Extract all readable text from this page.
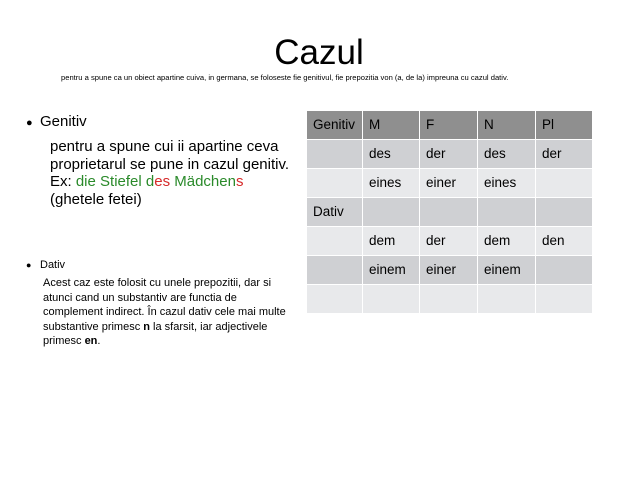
Cazul
pentru a spune ca un obiect apartine cuiva, in germana, se foloseste fie genitivul, fie prepozitia von (a, de la) impreuna cu cazul dativ.
● Genitiv
pentru a spune cui ii apartine ceva proprietarul se pune in cazul genitiv.
Ex: die Stiefel des Mädchens
(ghetele fetei)
● Dativ
Acest caz este folosit cu unele prepozitii, dar si atunci cand un substantiv are functia de complement indirect. În cazul dativ cele mai multe substantive primesc n la sfarsit, iar adjectivele primesc en.
Genitiv	M	F	N	Pl
	des	der	des	der
	eines	einer	eines	
Dativ				
	dem	der	dem	den
	einem	einer	einem	
